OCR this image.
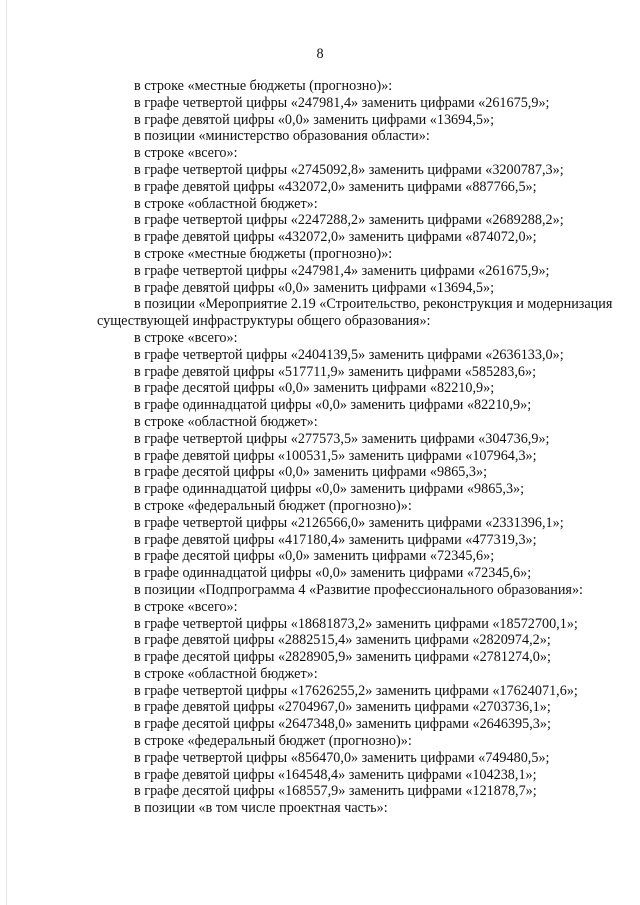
8
в строке «местные бюджеты (прогнозно)»:
в графе четвертой цифры «247981,4» заменить цифрами «261675,9»;
в графе девятой цифры «0,0» заменить цифрами «13694,5»;
в позиции «министерство образования области»:
в строке «всего»:
в графе четвертой цифры «2745092,8» заменить цифрами «3200787,3»;
в графе девятой цифры «432072,0» заменить цифрами «887766,5»;
в строке «областной бюджет»:
в графе четвертой цифры «2247288,2» заменить цифрами «2689288,2»;
в графе девятой цифры «432072,0» заменить цифрами «874072,0»;
в строке «местные бюджеты (прогнозно)»:
в графе четвертой цифры «247981,4» заменить цифрами «261675,9»;
в графе девятой цифры «0,0» заменить цифрами «13694,5»;
в позиции «Мероприятие 2.19 «Строительство, реконструкция и модернизация
существующей инфраструктуры общего образования»:
в строке «всего»:
в графе четвертой цифры «2404139,5» заменить цифрами «2636133,0»;
в графе девятой цифры «517711,9» заменить цифрами «585283,6»;
в графе десятой цифры «0,0» заменить цифрами «82210,9»;
в графе одиннадцатой цифры «0,0» заменить цифрами «82210,9»;
в строке «областной бюджет»:
в графе четвертой цифры «277573,5» заменить цифрами «304736,9»;
в графе девятой цифры «100531,5» заменить цифрами «107964,3»;
в графе десятой цифры «0,0» заменить цифрами «9865,3»;
в графе одиннадцатой цифры «0,0» заменить цифрами «9865,3»;
в строке «федеральный бюджет (прогнозно)»:
в графе четвертой цифры «2126566,0» заменить цифрами «2331396,1»;
в графе девятой цифры «417180,4» заменить цифрами «477319,3»;
в графе десятой цифры «0,0» заменить цифрами «72345,6»;
в графе одиннадцатой цифры «0,0» заменить цифрами «72345,6»;
в позиции «Подпрограмма 4 «Развитие профессионального образования»:
в строке «всего»:
в графе четвертой цифры «18681873,2» заменить цифрами «18572700,1»;
в графе девятой цифры «2882515,4» заменить цифрами «2820974,2»;
в графе десятой цифры «2828905,9» заменить цифрами «2781274,0»;
в строке «областной бюджет»:
в графе четвертой цифры «17626255,2» заменить цифрами «17624071,6»;
в графе девятой цифры «2704967,0» заменить цифрами «2703736,1»;
в графе десятой цифры «2647348,0» заменить цифрами «2646395,3»;
в строке «федеральный бюджет (прогнозно)»:
в графе четвертой цифры «856470,0» заменить цифрами «749480,5»;
в графе девятой цифры «164548,4» заменить цифрами «104238,1»;
в графе десятой цифры «168557,9» заменить цифрами «121878,7»;
в позиции «в том числе проектная часть»:
